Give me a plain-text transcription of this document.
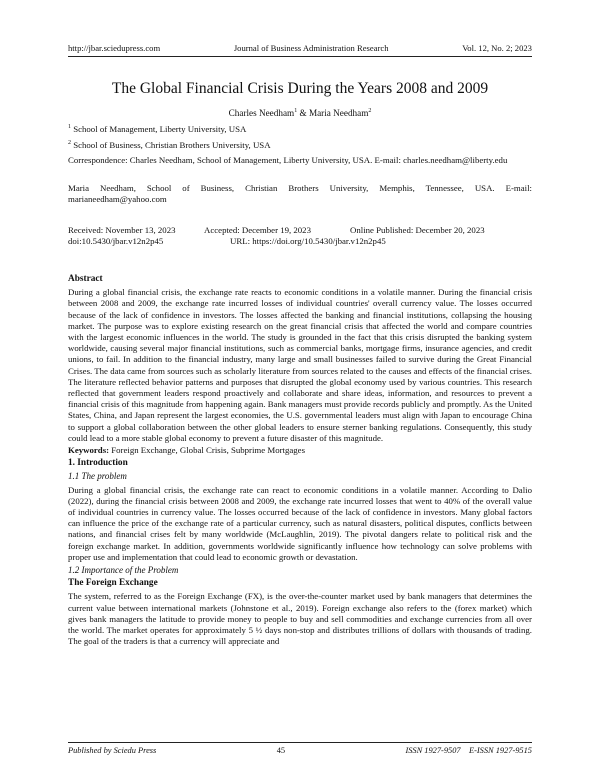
http://jbar.sciedupress.com	Journal of Business Administration Research	Vol. 12, No. 2; 2023
The Global Financial Crisis During the Years 2008 and 2009
Charles Needham$^1$ & Maria Needham$^2$
$^1$ School of Management, Liberty University, USA
$^2$ School of Business, Christian Brothers University, USA
Correspondence: Charles Needham, School of Management, Liberty University, USA. E-mail: charles.needham@liberty.edu
Maria Needham, School of Business, Christian Brothers University, Memphis, Tennessee, USA. E-mail: marianeedham@yahoo.com
Received: November 13, 2023	Accepted: December 19, 2023	Online Published: December 20, 2023
doi:10.5430/jbar.v12n2p45	URL: https://doi.org/10.5430/jbar.v12n2p45

Abstract

During a global financial crisis, the exchange rate reacts to economic conditions in a volatile manner. During the financial crisis between 2008 and 2009, the exchange rate incurred losses of individual countries' overall currency value. The losses occurred because of the lack of confidence in investors. The losses affected the banking and financial institutions, collapsing the housing market. The purpose was to explore existing research on the great financial crisis that affected the world and compare countries with the largest economic influences in the world. The study is grounded in the fact that this crisis disrupted the banking system worldwide, causing several major financial institutions, such as commercial banks, mortgage firms, insurance agencies, and credit unions, to fail. In addition to the financial industry, many large and small businesses failed to survive during the Great Financial Crises. The data came from sources such as scholarly literature from sources related to the causes and effects of the financial crises. The literature reflected behavior patterns and purposes that disrupted the global economy used by various countries. This research reflected that government leaders respond proactively and collaborate and share ideas, information, and resources to prevent a financial crisis of this magnitude from happening again. Bank managers must provide records publicly and promptly. As the United States, China, and Japan represent the largest economies, the U.S. governmental leaders must align with Japan to encourage China to support a global collaboration between the other global leaders to ensure sterner banking regulations. Consequently, this study could lead to a more stable global economy to prevent a future disaster of this magnitude.

Keywords: Foreign Exchange, Global Crisis, Subprime Mortgages

1. Introduction

1.1 The problem

During a global financial crisis, the exchange rate can react to economic conditions in a volatile manner. According to Dalio (2022), during the financial crisis between 2008 and 2009, the exchange rate incurred losses that went to 40% of the overall value of individual countries in currency value. The losses occurred because of the lack of confidence in investors. Many global factors can influence the price of the exchange rate of a particular currency, such as natural disasters, political disputes, conflicts between nations, and financial crises felt by many worldwide (McLaughlin, 2019). The pivotal dangers relate to political risk and the foreign exchange market. In addition, governments worldwide significantly influence how technology can solve problems with proper use and implementation that could lead to economic growth or devastation.

1.2 Importance of the Problem

The Foreign Exchange

The system, referred to as the Foreign Exchange (FX), is the over-the-counter market used by bank managers that determines the current value between international markets (Johnstone et al., 2019). Foreign exchange also refers to the (forex market) which gives bank managers the latitude to provide money to people to buy and sell commodities and exchange currencies from all over the world. The market operates for approximately 5 ½ days non-stop and distributes trillions of dollars with thousands of trading. The goal of the traders is that a currency will appreciate and

Published by Sciedu Press	45	ISSN 1927-9507 E-ISSN 1927-9515
